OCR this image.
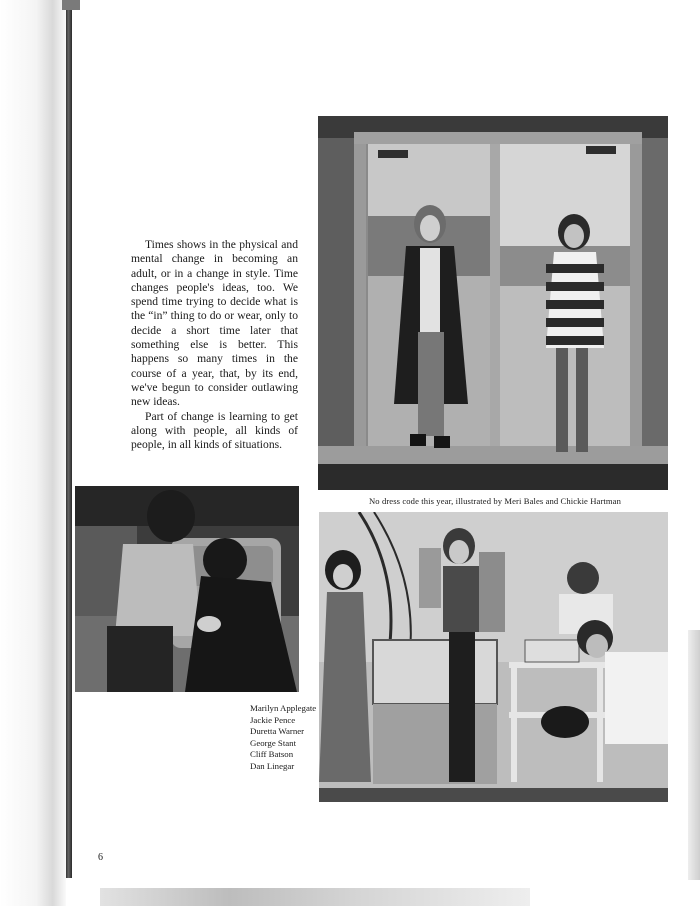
Times shows in the physical and mental change in becoming an adult, or in a change in style. Time changes people's ideas, too. We spend time trying to decide what is the “in” thing to do or wear, only to decide a short time later that something else is better. This happens so many times in the course of a year, that, by its end, we've begun to consider outlawing new ideas.

Part of change is learning to get along with people, all kinds of people, in all kinds of situations.

No dress code this year, illustrated by Meri Bales and Chickie Hartman
Marilyn Applegate
Jackie Pence
Duretta Warner
George Stant
Cliff Batson
Dan Linegar
6
